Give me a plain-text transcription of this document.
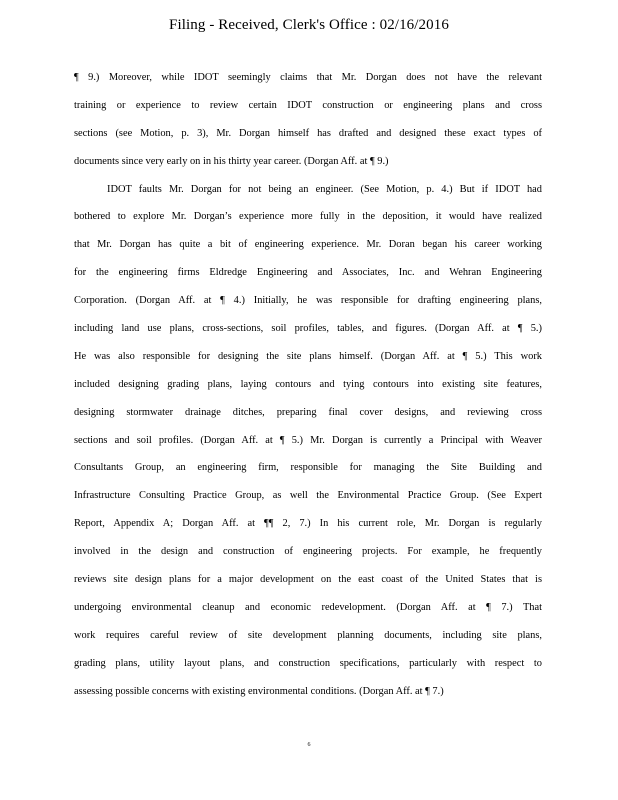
Filing - Received, Clerk's Office : 02/16/2016
¶ 9.) Moreover, while IDOT seemingly claims that Mr. Dorgan does not have the relevant
training or experience to review certain IDOT construction or engineering plans and cross
sections (see Motion, p. 3), Mr. Dorgan himself has drafted and designed these exact types of
documents since very early on in his thirty year career. (Dorgan Aff. at ¶ 9.)
IDOT faults Mr. Dorgan for not being an engineer. (See Motion, p. 4.) But if IDOT had
bothered to explore Mr. Dorgan’s experience more fully in the deposition, it would have realized
that Mr. Dorgan has quite a bit of engineering experience. Mr. Doran began his career working
for the engineering firms Eldredge Engineering and Associates, Inc. and Wehran Engineering
Corporation. (Dorgan Aff. at ¶ 4.) Initially, he was responsible for drafting engineering plans,
including land use plans, cross-sections, soil profiles, tables, and figures. (Dorgan Aff. at ¶ 5.)
He was also responsible for designing the site plans himself. (Dorgan Aff. at ¶ 5.) This work
included designing grading plans, laying contours and tying contours into existing site features,
designing stormwater drainage ditches, preparing final cover designs, and reviewing cross
sections and soil profiles. (Dorgan Aff. at ¶ 5.) Mr. Dorgan is currently a Principal with Weaver
Consultants Group, an engineering firm, responsible for managing the Site Building and
Infrastructure Consulting Practice Group, as well the Environmental Practice Group. (See Expert
Report, Appendix A; Dorgan Aff. at ¶¶ 2, 7.) In his current role, Mr. Dorgan is regularly
involved in the design and construction of engineering projects. For example, he frequently
reviews site design plans for a major development on the east coast of the United States that is
undergoing environmental cleanup and economic redevelopment. (Dorgan Aff. at ¶ 7.) That
work requires careful review of site development planning documents, including site plans,
grading plans, utility layout plans, and construction specifications, particularly with respect to
assessing possible concerns with existing environmental conditions. (Dorgan Aff. at ¶ 7.)
6
